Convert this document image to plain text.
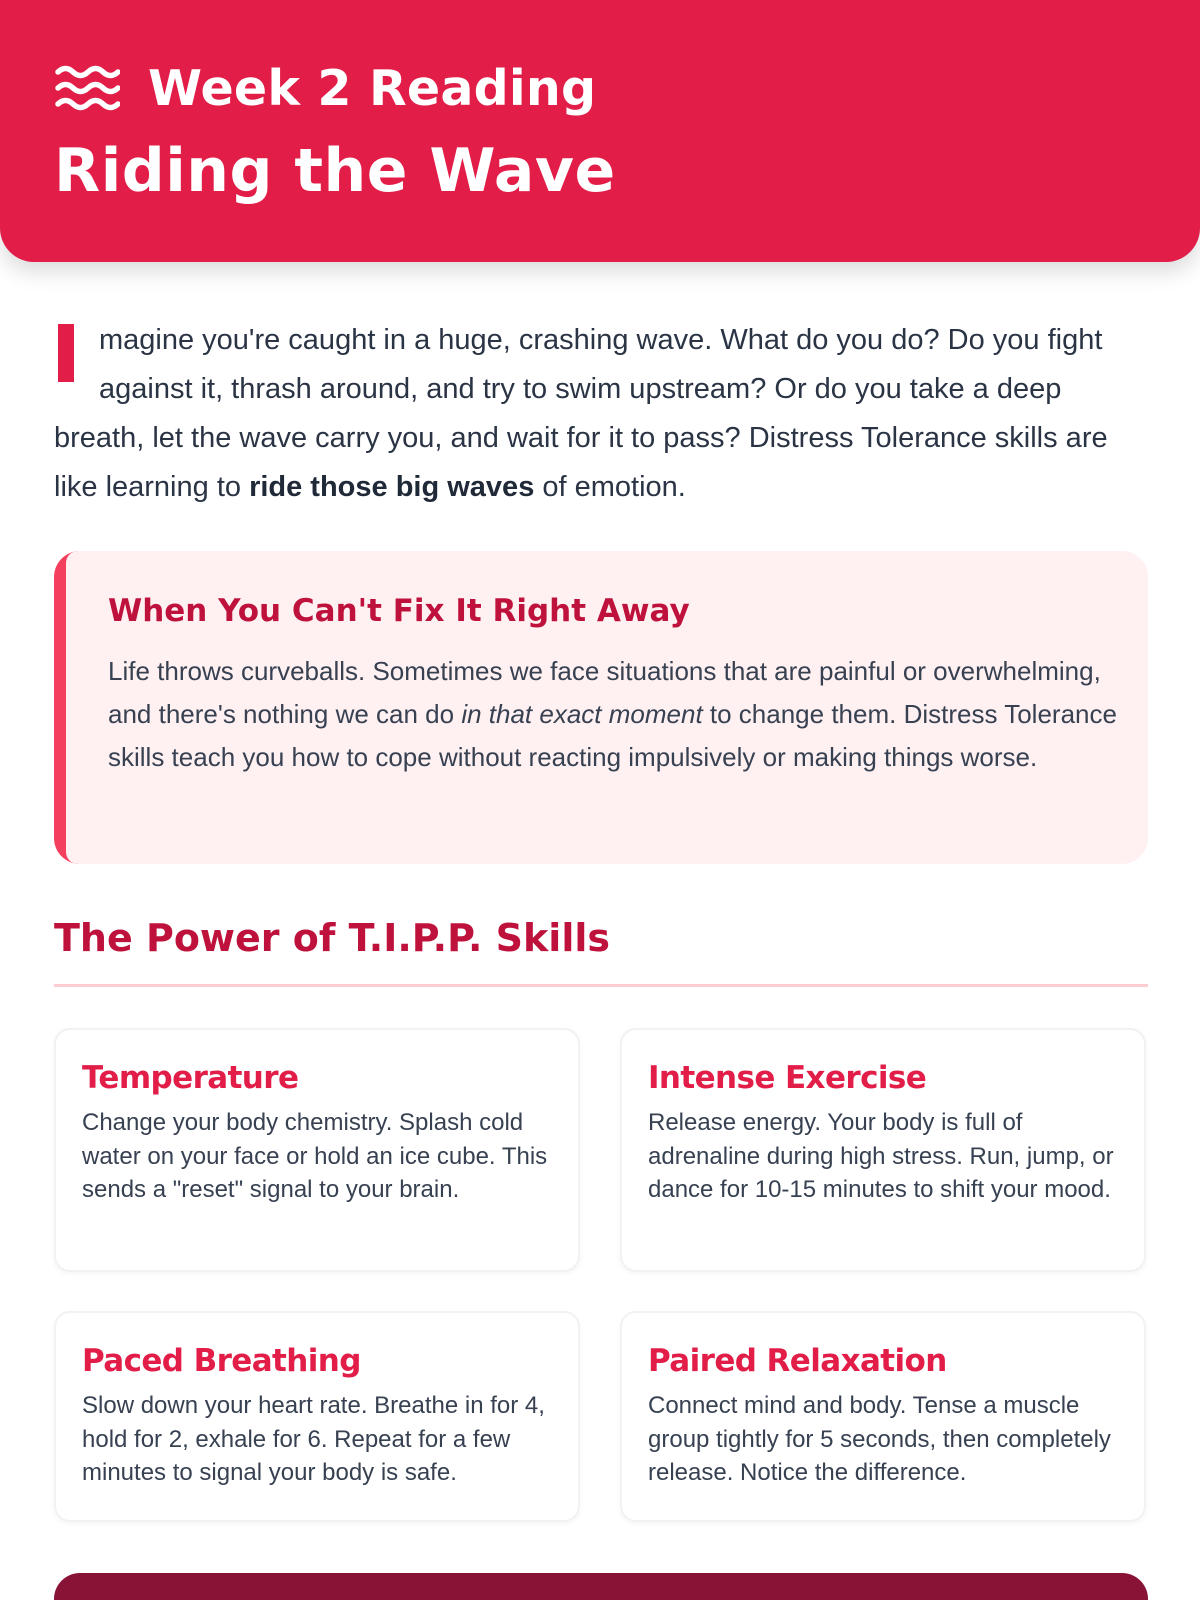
Week 2 Reading
Riding the Wave
magine you're caught in a huge, crashing wave. What do you do? Do you fight against it, thrash around, and try to swim upstream? Or do you take a deep breath, let the wave carry you, and wait for it to pass? Distress Tolerance skills are like learning to ride those big waves of emotion.
When You Can't Fix It Right Away
Life throws curveballs. Sometimes we face situations that are painful or overwhelming, and there's nothing we can do in that exact moment to change them. Distress Tolerance skills teach you how to cope without reacting impulsively or making things worse.
The Power of T.I.P.P. Skills
Temperature
Change your body chemistry. Splash cold water on your face or hold an ice cube. This sends a "reset" signal to your brain.
Intense Exercise
Release energy. Your body is full of adrenaline during high stress. Run, jump, or dance for 10-15 minutes to shift your mood.
Paced Breathing
Slow down your heart rate. Breathe in for 4, hold for 2, exhale for 6. Repeat for a few minutes to signal your body is safe.
Paired Relaxation
Connect mind and body. Tense a muscle group tightly for 5 seconds, then completely release. Notice the difference.
